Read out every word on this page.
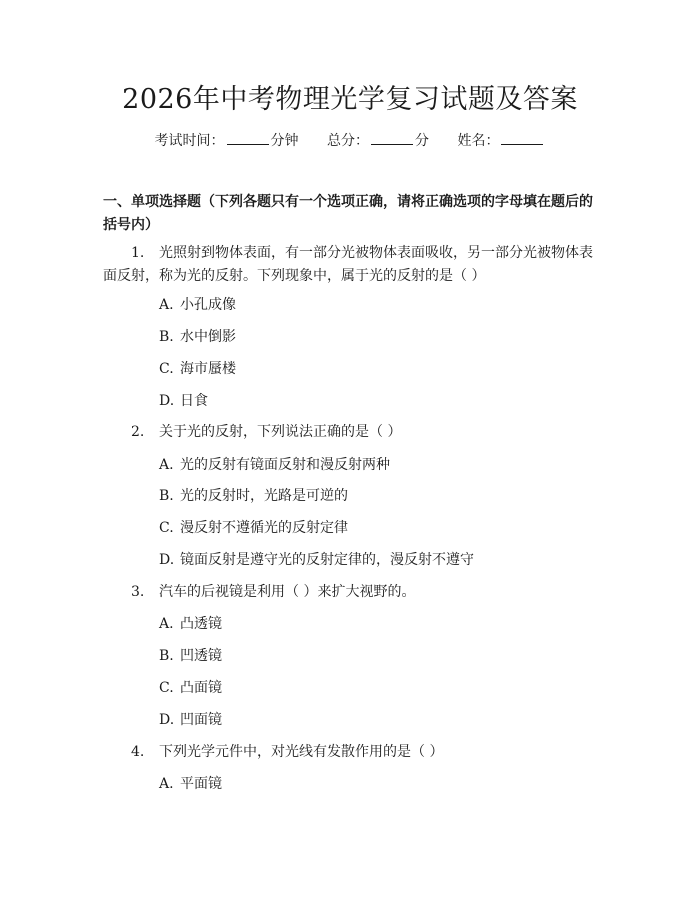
2026年中考物理光学复习试题及答案
考试时间：	分钟 总分：	分 姓名：
一、单项选择题（下列各题只有一个选项正确，请将正确选项的字母填在题后的括号内）
1. 光照射到物体表面，有一部分光被物体表面吸收，另一部分光被物体表面反射，称为光的反射。下列现象中，属于光的反射的是（ ）
A. 小孔成像
B. 水中倒影
C. 海市蜃楼
D. 日食
2. 关于光的反射，下列说法正确的是（ ）
A. 光的反射有镜面反射和漫反射两种
B. 光的反射时，光路是可逆的
C. 漫反射不遵循光的反射定律
D. 镜面反射是遵守光的反射定律的，漫反射不遵守
3. 汽车的后视镜是利用（ ）来扩大视野的。
A. 凸透镜
B. 凹透镜
C. 凸面镜
D. 凹面镜
4. 下列光学元件中，对光线有发散作用的是（ ）
A. 平面镜
